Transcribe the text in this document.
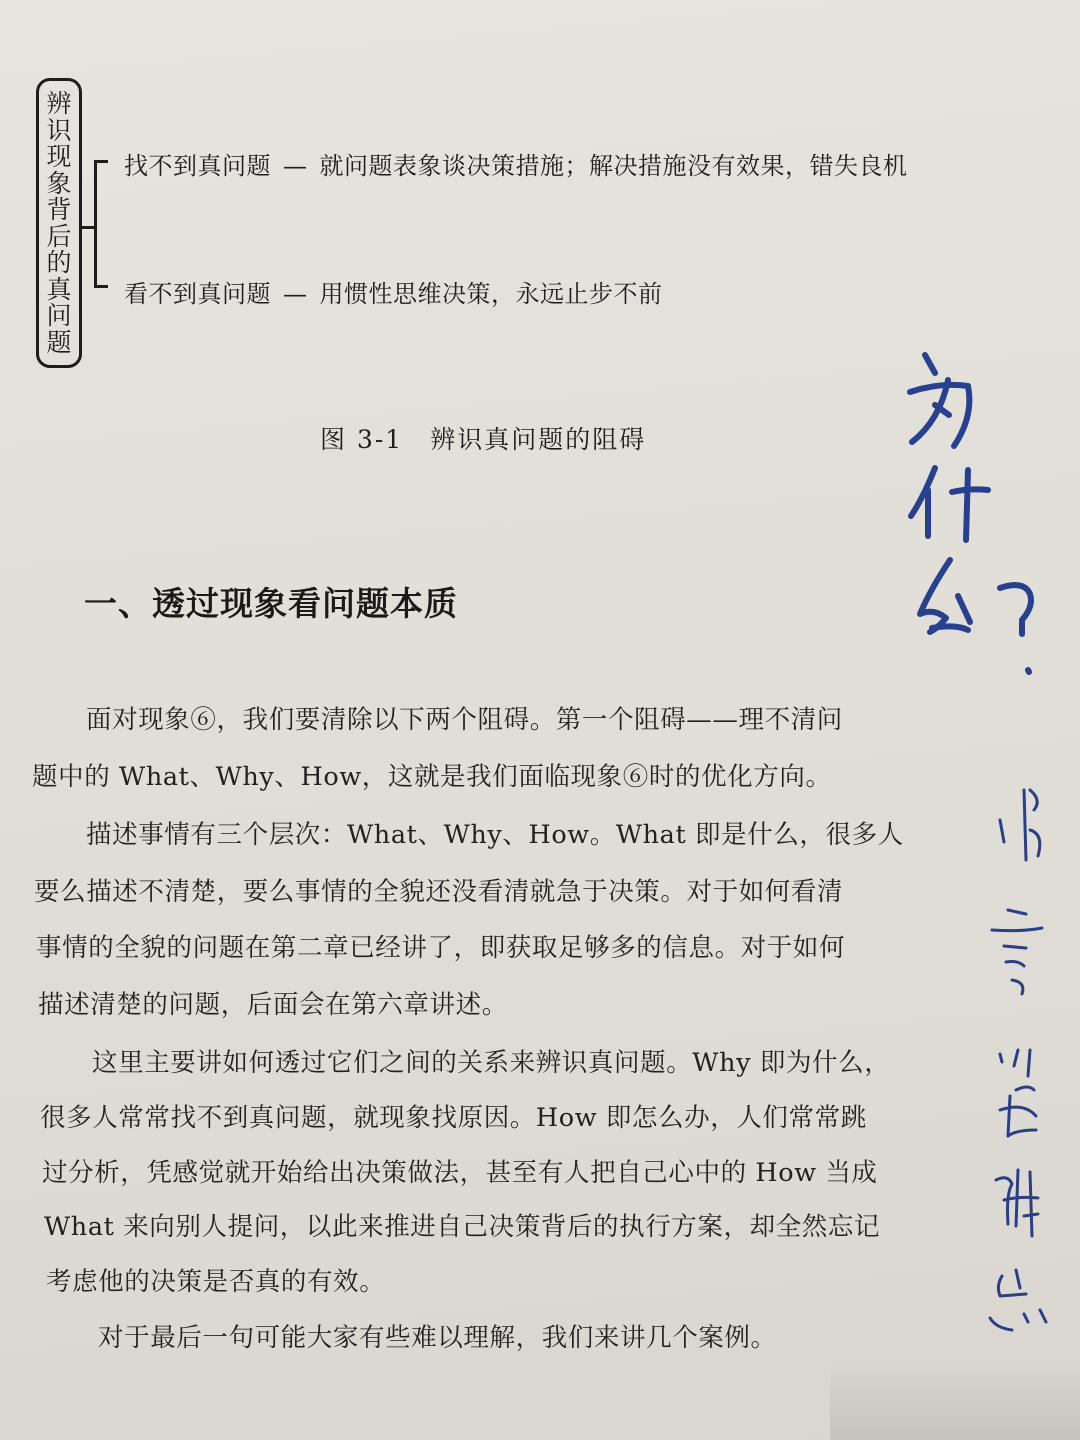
辨识现象背后的真问题
找不到真问题 — 就问题表象谈决策措施；解决措施没有效果，错失良机
看不到真问题 — 用惯性思维决策，永远止步不前
图 3-1　辨识真问题的阻碍
一、透过现象看问题本质
面对现象⑥，我们要清除以下两个阻碍。第一个阻碍——理不清问
题中的 What、Why、How，这就是我们面临现象⑥时的优化方向。
描述事情有三个层次：What、Why、How。What 即是什么，很多人
要么描述不清楚，要么事情的全貌还没看清就急于决策。对于如何看清
事情的全貌的问题在第二章已经讲了，即获取足够多的信息。对于如何
描述清楚的问题，后面会在第六章讲述。
这里主要讲如何透过它们之间的关系来辨识真问题。Why 即为什么，
很多人常常找不到真问题，就现象找原因。How 即怎么办，人们常常跳
过分析，凭感觉就开始给出决策做法，甚至有人把自己心中的 How 当成
What 来向别人提问，以此来推进自己决策背后的执行方案，却全然忘记
考虑他的决策是否真的有效。
对于最后一句可能大家有些难以理解，我们来讲几个案例。
